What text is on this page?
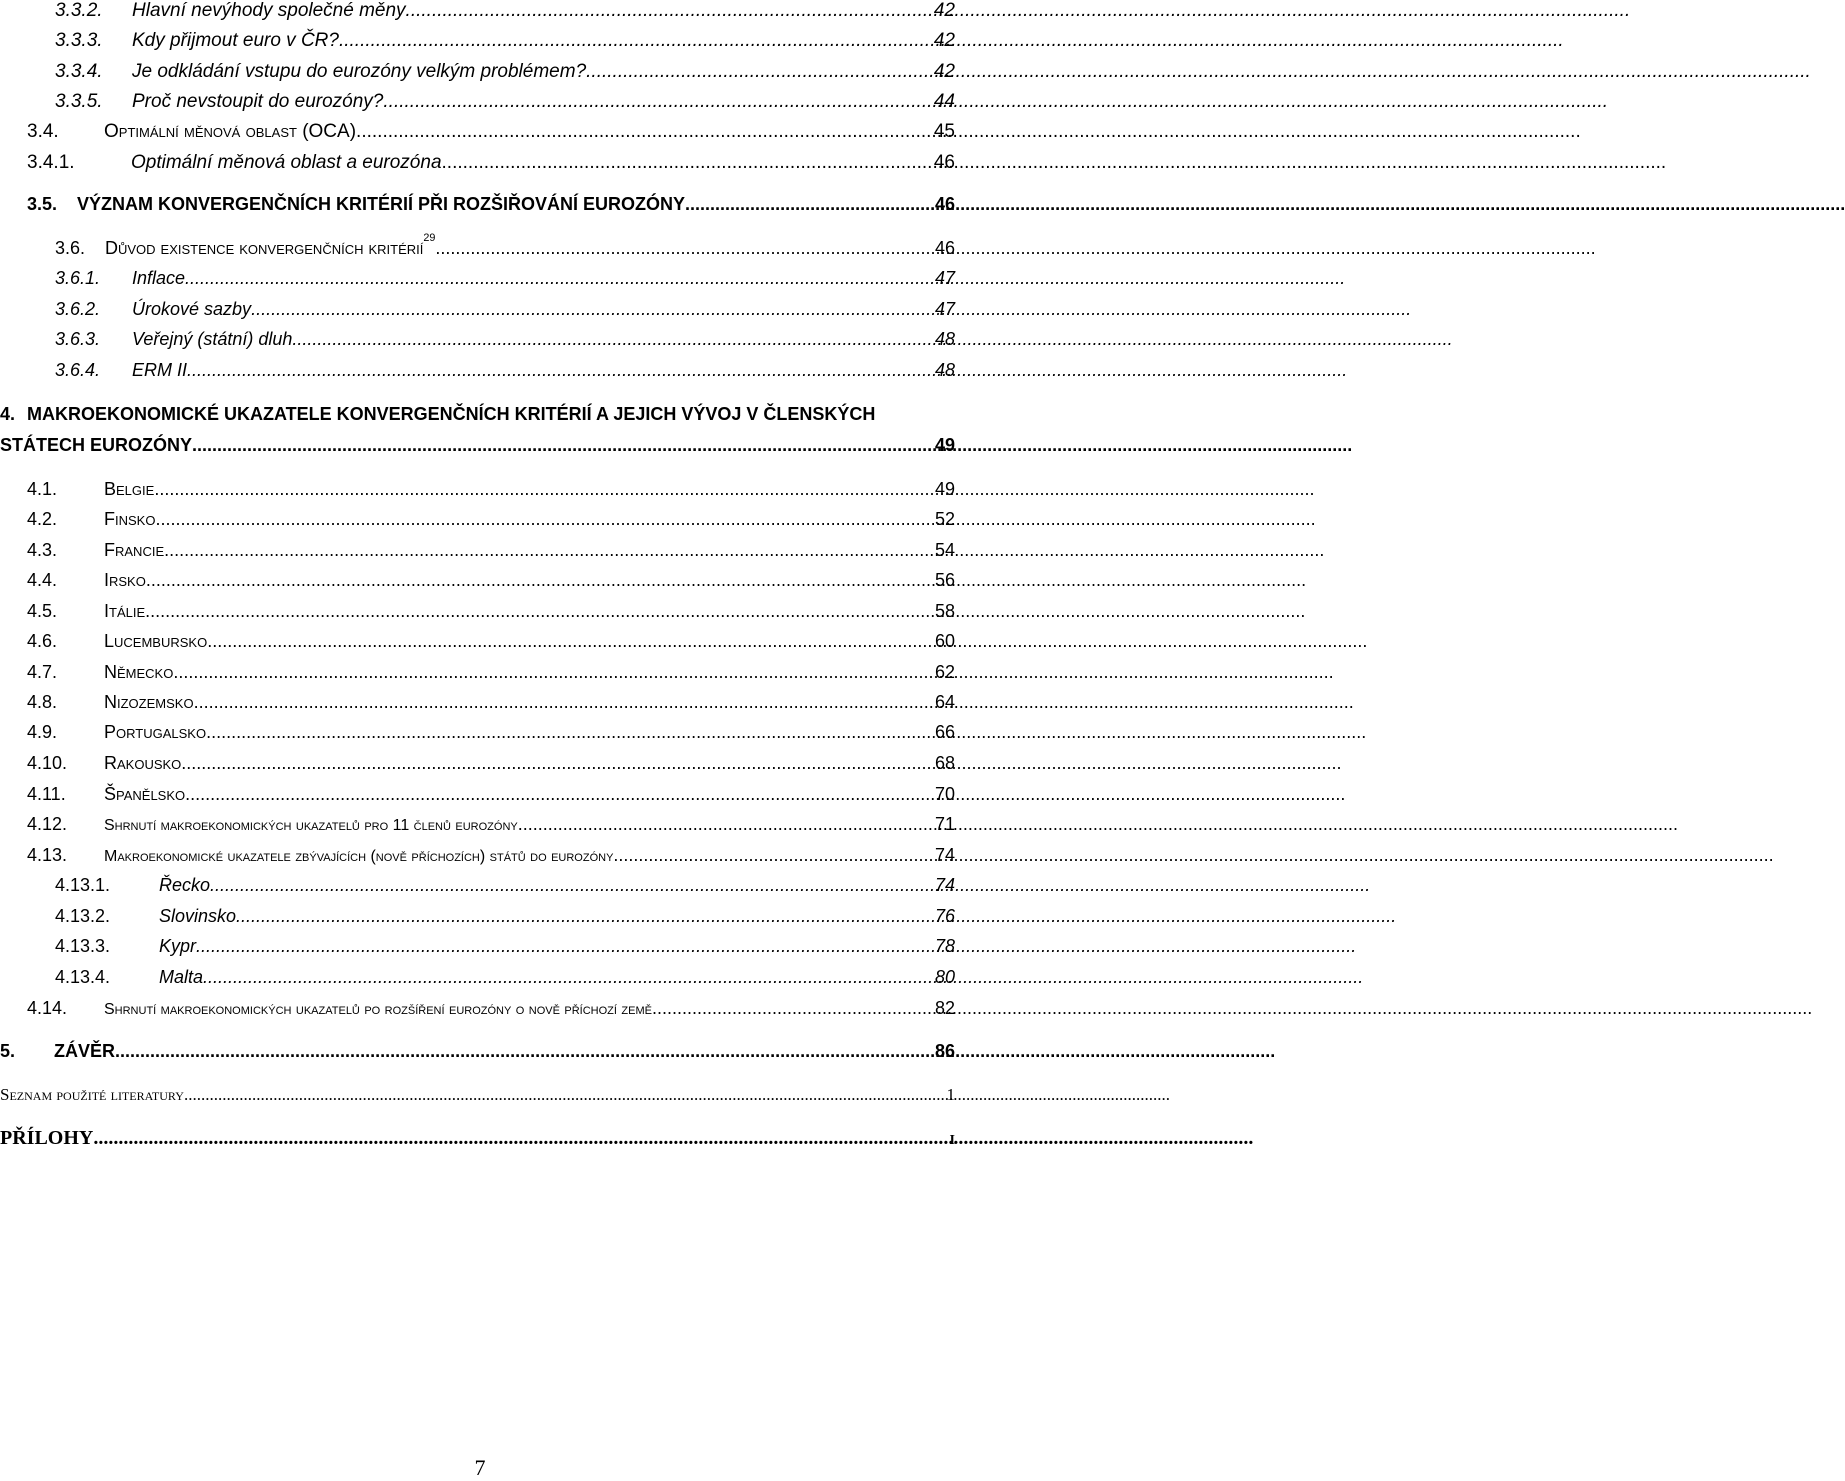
3.3.2.	Hlavní nevýhody společné měny .....	42
3.3.3.	Kdy přijmout euro v ČR? .....	42
3.3.4.	Je odkládání vstupu do eurozóny velkým problémem? .....	42
3.3.5.	Proč nevstoupit do eurozóny? .....	44
3.4.	Optimální měnová oblast (OCA) .....	45
3.4.1.	Optimální měnová oblast a eurozóna .....	46
3.5.	VÝZNAM KONVERGENČNÍCH KRITÉRIÍ PŘI ROZŠIŘOVÁNÍ EUROZÓNY .....	46
3.6.	Důvod existence konvergenčních kritérií$^{29}$ .....	46
3.6.1.	Inflace .....	47
3.6.2.	Úrokové sazby .....	47
3.6.3.	Veřejný (státní) dluh .....	48
3.6.4.	ERM II .....	48
4. MAKROEKONOMICKÉ UKAZATELE KONVERGENČNÍCH KRITÉRIÍ A JEJICH VÝVOJ V ČLENSKÝCH
STÁTECH EUROZÓNY .....	49
4.1.	Belgie .....	49
4.2.	Finsko .....	52
4.3.	Francie .....	54
4.4.	Irsko .....	56
4.5.	Itálie .....	58
4.6.	Lucembursko .....	60
4.7.	Německo .....	62
4.8.	Nizozemsko .....	64
4.9.	Portugalsko .....	66
4.10.	Rakousko .....	68
4.11.	Španělsko .....	70
4.12.	Shrnutí makroekonomických ukazatelů pro 11 členů eurozóny .....	71
4.13.	Makroekonomické ukazatele zbývajících (nově příchozích) států do eurozóny .....	74
4.13.1.	Řecko .....	74
4.13.2.	Slovinsko .....	76
4.13.3.	Kypr .....	78
4.13.4.	Malta .....	80
4.14.	Shrnutí makroekonomických ukazatelů po rozšíření eurozóny o nově příchozí země .....	82
5.	ZÁVĚR .....	86
Seznam použité literatury .....	1
PŘÍLOHY .....	I
7
